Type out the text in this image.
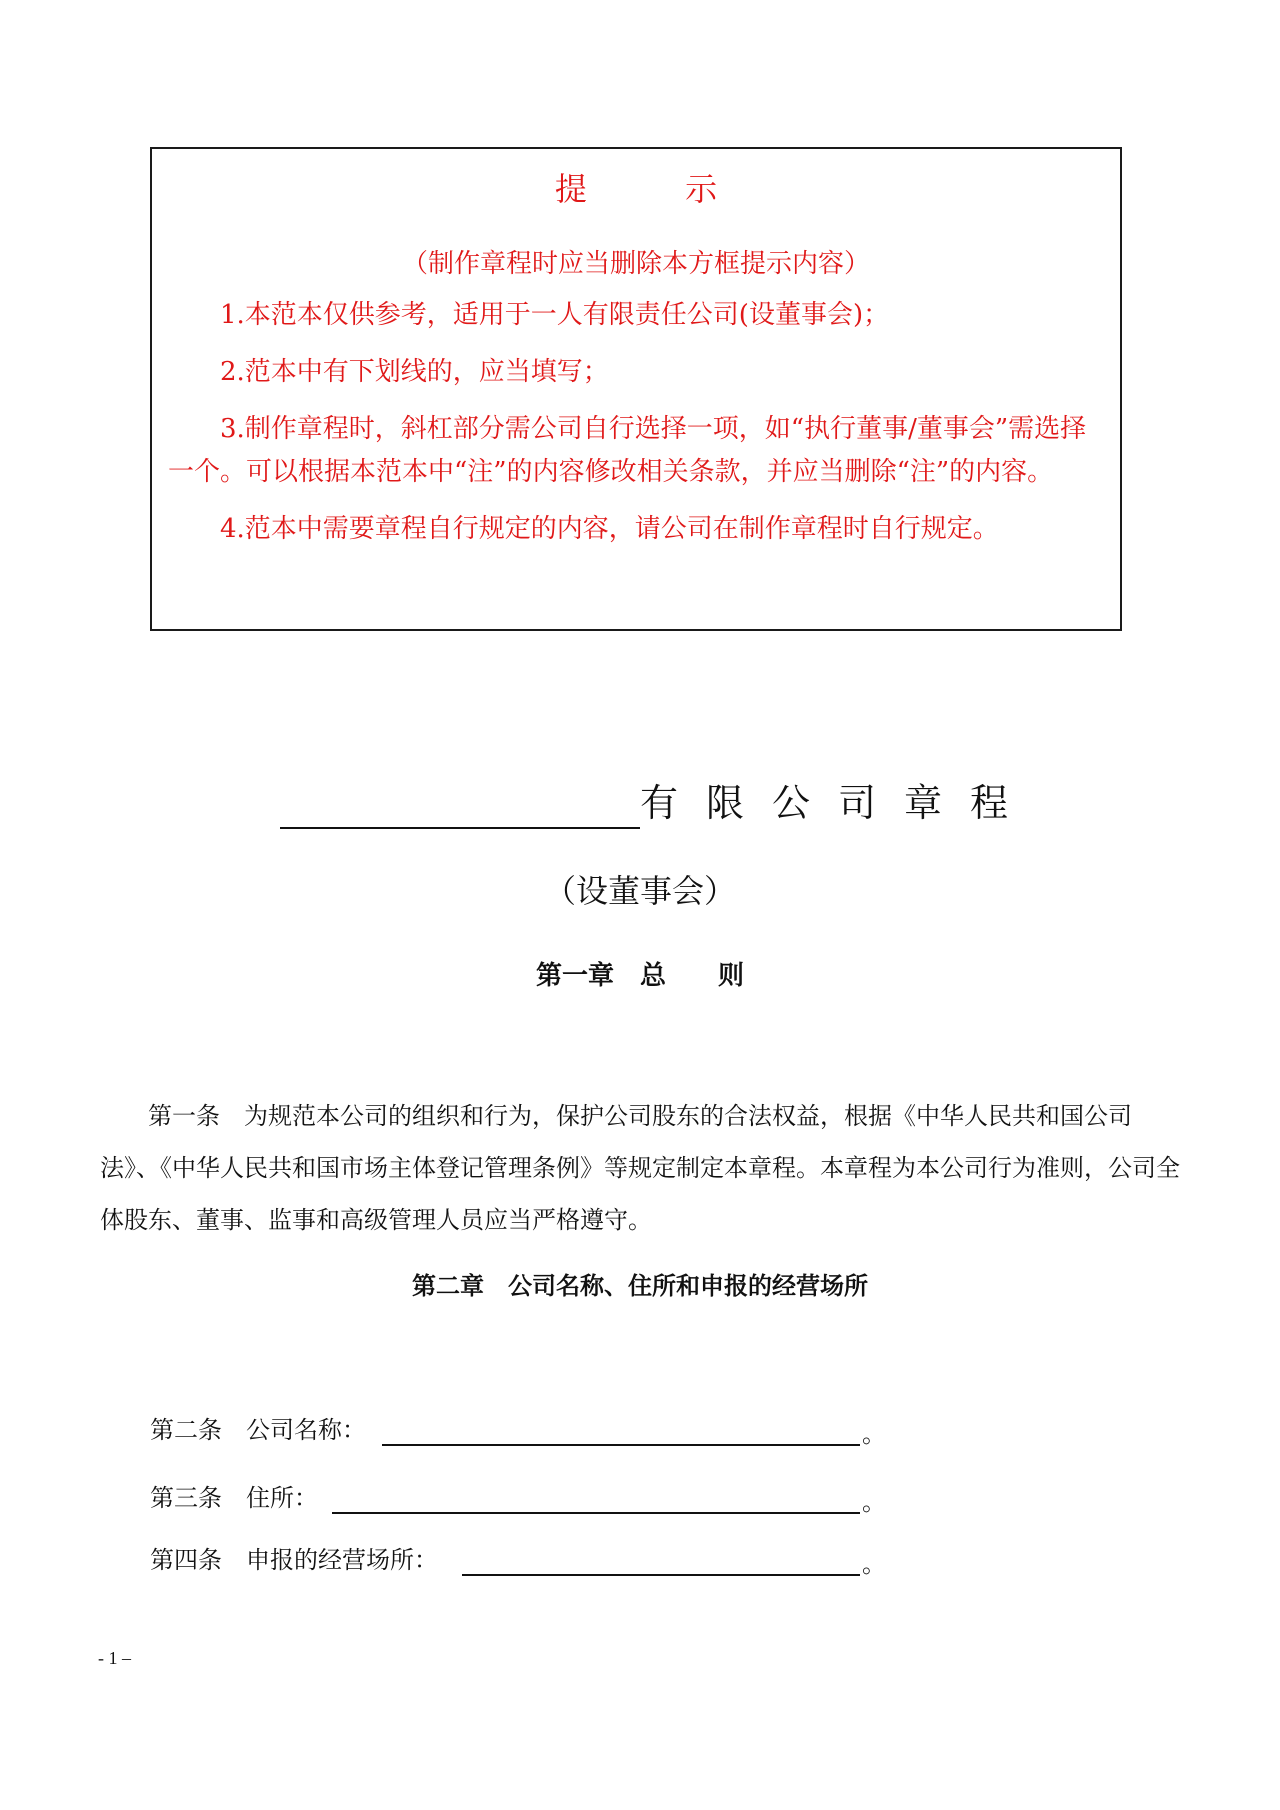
提 示
（制作章程时应当删除本方框提示内容）

1.本范本仅供参考，适用于一人有限责任公司(设董事会)；

2.范本中有下划线的，应当填写；

3.制作章程时，斜杠部分需公司自行选择一项，如“执行董事/董事会”需选择一个。可以根据本范本中“注”的内容修改相关条款，并应当删除“注”的内容。

4.范本中需要章程自行规定的内容，请公司在制作章程时自行规定。

有限公司章程
（设董事会）
第一章　总　　则

第一条　为规范本公司的组织和行为，保护公司股东的合法权益，根据《中华人民共和国公司法》、《中华人民共和国市场主体登记管理条例》等规定制定本章程。本章程为本公司行为准则，公司全体股东、董事、监事和高级管理人员应当严格遵守。

第二章　公司名称、住所和申报的经营场所
第二条　公司名称：	。
第三条　住所：	。
第四条　申报的经营场所：	。
- 1 –
